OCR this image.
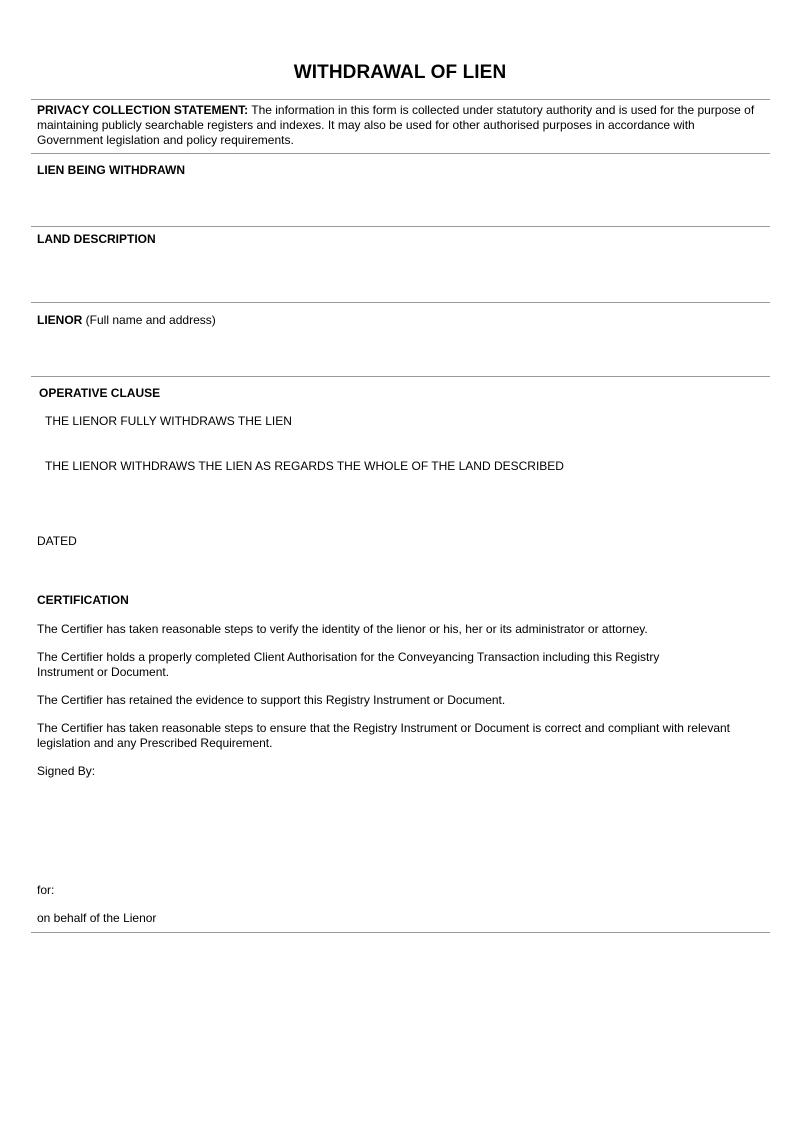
WITHDRAWAL OF LIEN
PRIVACY COLLECTION STATEMENT: The information in this form is collected under statutory authority and is used for the purpose of maintaining publicly searchable registers and indexes. It may also be used for other authorised purposes in accordance with Government legislation and policy requirements.
LIEN BEING WITHDRAWN
LAND DESCRIPTION
LIENOR (Full name and address)
OPERATIVE CLAUSE
THE LIENOR FULLY WITHDRAWS THE LIEN
THE LIENOR WITHDRAWS THE LIEN AS REGARDS THE WHOLE OF THE LAND DESCRIBED
DATED
CERTIFICATION
The Certifier has taken reasonable steps to verify the identity of the lienor or his, her or its administrator or attorney.
The Certifier holds a properly completed Client Authorisation for the Conveyancing Transaction including this Registry Instrument or Document.
The Certifier has retained the evidence to support this Registry Instrument or Document.
The Certifier has taken reasonable steps to ensure that the Registry Instrument or Document is correct and compliant with relevant legislation and any Prescribed Requirement.
Signed By:
for:
on behalf of the Lienor
